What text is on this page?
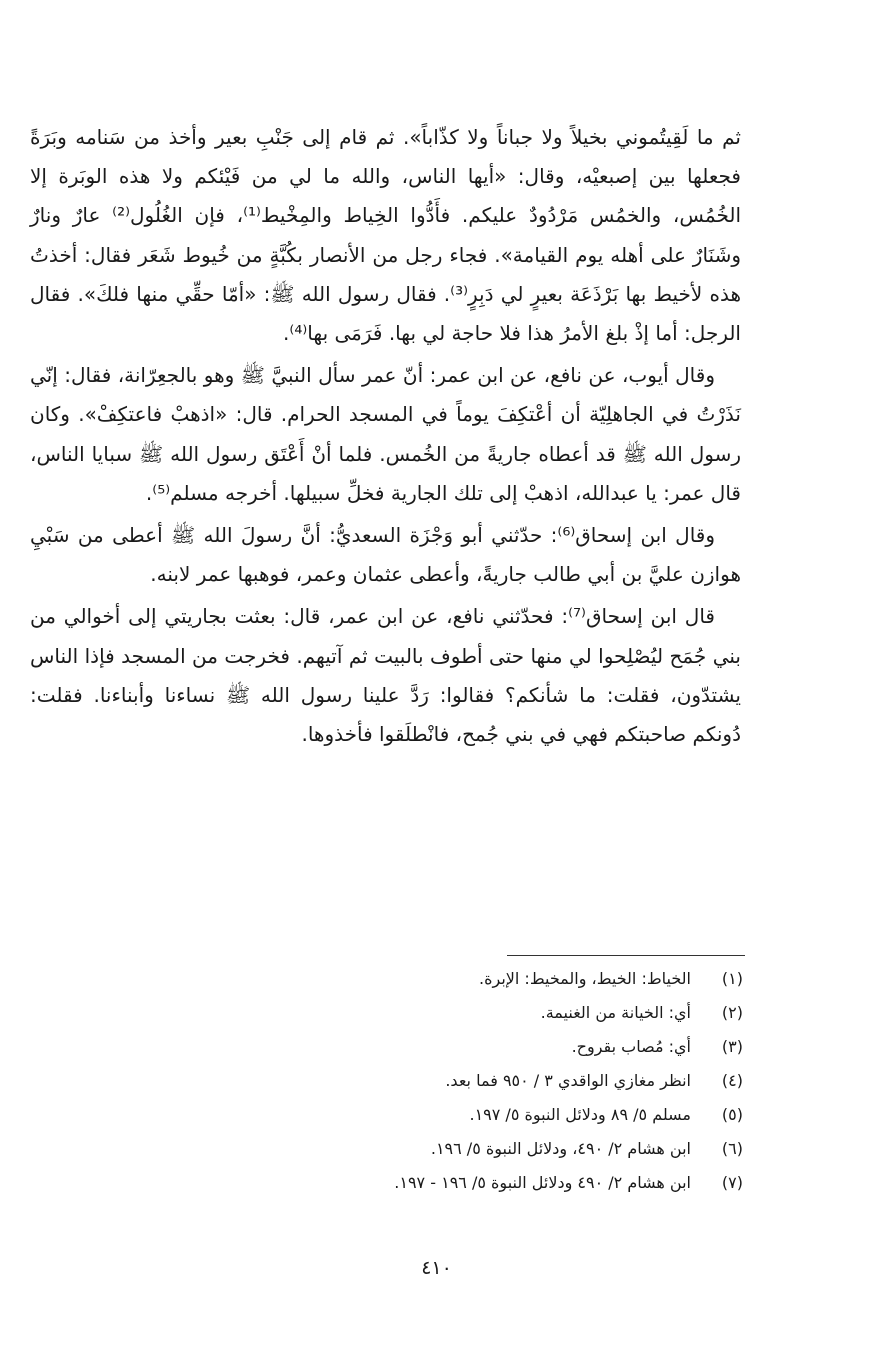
ثم ما لَقِيتُموني بخيلاً ولا جباناً ولا كذّاباً». ثم قام إلى جَنْبِ بعير وأخذ من سَنامه وبَرَةً فجعلها بين إصبعيْه، وقال: «أيها الناس، والله ما لي من فَيْئكم ولا هذه الوبَرة إلا الخُمُس، والخمُس مَرْدُودٌ عليكم. فأَدُّوا الخِياط والمِخْيط⁽¹⁾، فإن الغُلُول⁽²⁾ عارٌ ونارٌ وشَنَارٌ على أهله يوم القيامة». فجاء رجل من الأنصار بكُبَّةٍ من خُيوط شَعَر فقال: أخذتُ هذه لأخيط بها بَرْذَعَة بعيرٍ لي دَبِرٍ⁽³⁾. فقال رسول الله ﷺ: «أمّا حقِّي منها فلكَ». فقال الرجل: أما إذْ بلغ الأمرُ هذا فلا حاجة لي بها. فَرَمَى بها⁽⁴⁾.

وقال أيوب، عن نافع، عن ابن عمر: أنّ عمر سأل النبيَّ ﷺ وهو بالجعِرّانة، فقال: إنّي نَذَرْتُ في الجاهلِيّة أن أعْتكِفَ يوماً في المسجد الحرام. قال: «اذهبْ فاعتكِفْ». وكان رسول الله ﷺ قد أعطاه جاريةً من الخُمس. فلما أنْ أَعْتَق رسول الله ﷺ سبايا الناس، قال عمر: يا عبدالله، اذهبْ إلى تلك الجارية فخلِّ سبيلها. أخرجه مسلم⁽⁵⁾.

وقال ابن إسحاق⁽⁶⁾: حدّثني أبو وَجْزَة السعديُّ: أنَّ رسولَ الله ﷺ أعطى من سَبْيِ هوازن عليَّ بن أبي طالب جاريةً، وأعطى عثمان وعمر، فوهبها عمر لابنه.

قال ابن إسحاق⁽⁷⁾: فحدّثني نافع، عن ابن عمر، قال: بعثت بجاريتي إلى أخوالي من بني جُمَح ليُصْلِحوا لي منها حتى أطوف بالبيت ثم آتيهم. فخرجت من المسجد فإذا الناس يشتدّون، فقلت: ما شأنكم؟ فقالوا: رَدَّ علينا رسول الله ﷺ نساءنا وأبناءنا. فقلت: دُونكم صاحبتكم فهي في بني جُمح، فانْطلَقوا فأخذوها.

(١)
الخياط: الخيط، والمخيط: الإبرة.
(٢)
أي: الخيانة من الغنيمة.
(٣)
أي: مُصاب بقروح.
(٤)
انظر مغازي الواقدي ٣ / ٩٥٠ فما بعد.
(٥)
مسلم ٥/ ٨٩ ودلائل النبوة ٥/ ١٩٧.
(٦)
ابن هشام ٢/ ٤٩٠، ودلائل النبوة ٥/ ١٩٦.
(٧)
ابن هشام ٢/ ٤٩٠ ودلائل النبوة ٥/ ١٩٦ - ١٩٧.
٤١٠
